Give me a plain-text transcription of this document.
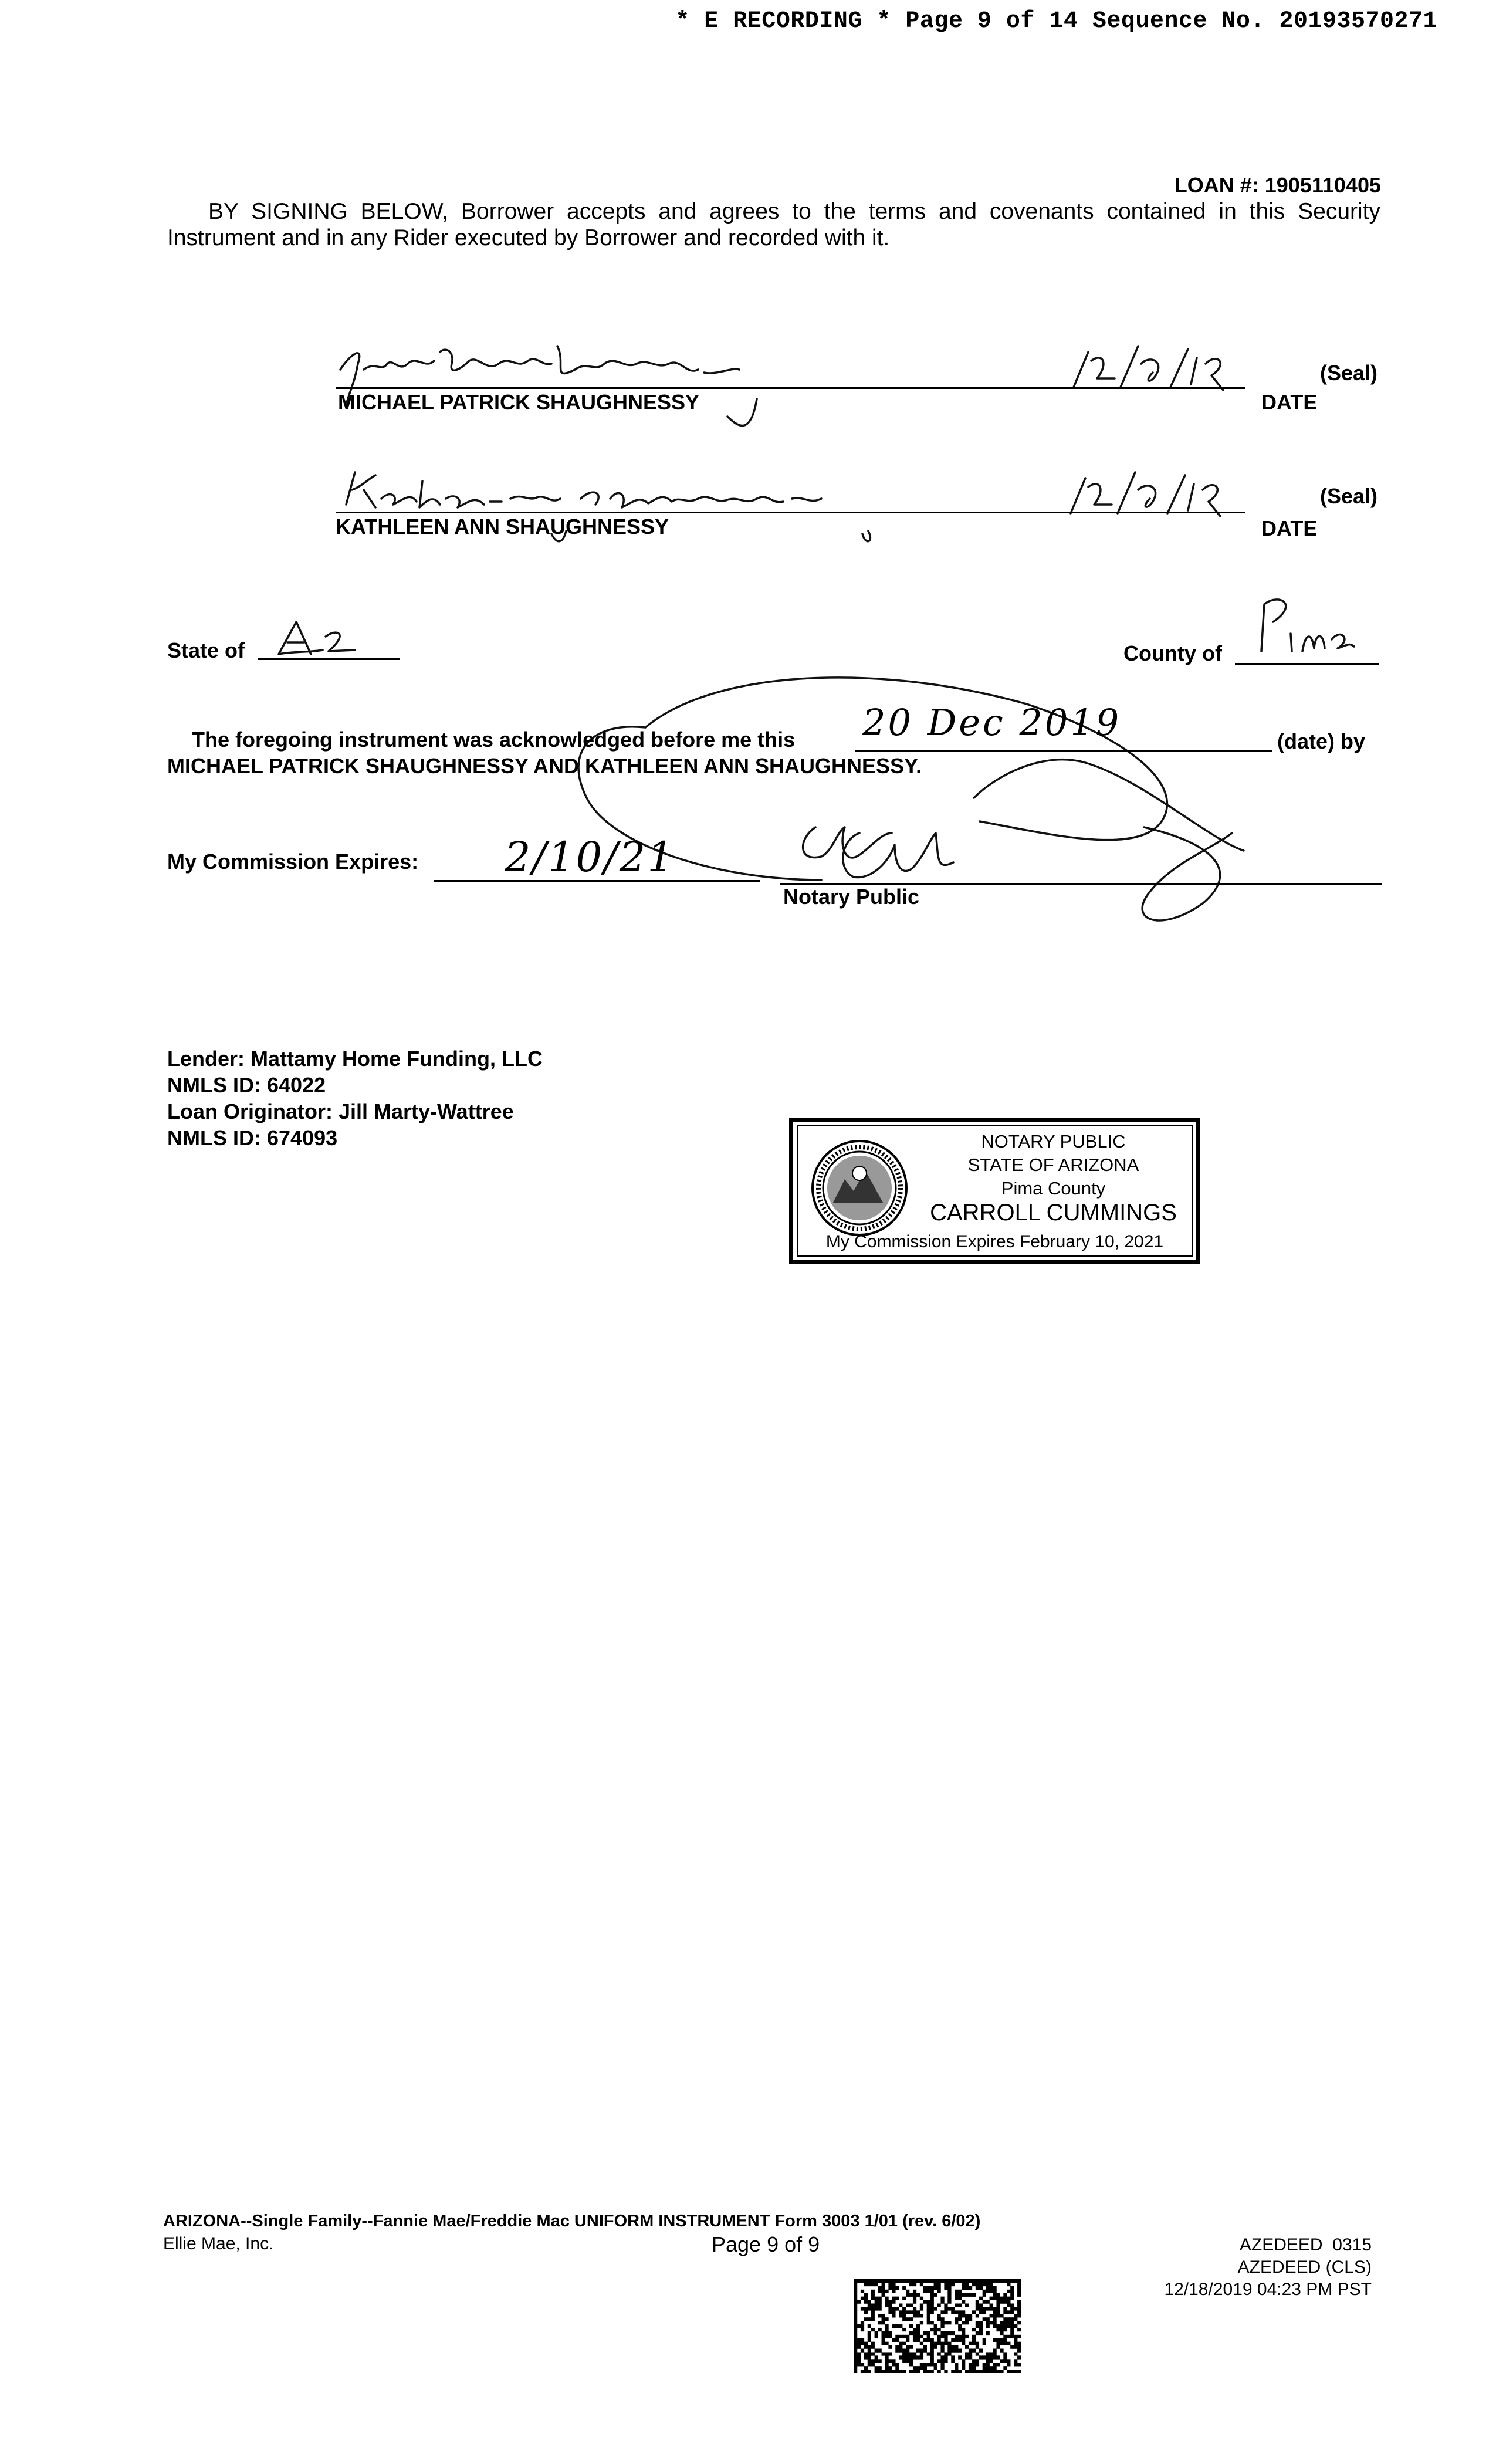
* E RECORDING * Page 9 of 14 Sequence No. 20193570271
LOAN #: 1905110405
BY SIGNING BELOW, Borrower accepts and agrees to the terms and covenants contained in this Security Instrument and in any Rider executed by Borrower and recorded with it.
(Seal)
MICHAEL PATRICK SHAUGHNESSY	DATE
(Seal)
KATHLEEN ANN SHAUGHNESSY	DATE
State of	County of
The foregoing instrument was acknowledged before me this 20 Dec 2019	(date) by
MICHAEL PATRICK SHAUGHNESSY AND KATHLEEN ANN SHAUGHNESSY.
My Commission Expires: 2/10/21
Notary Public
Lender: Mattamy Home Funding, LLC
NMLS ID: 64022
Loan Originator: Jill Marty-Wattree
NMLS ID: 674093	NOTARY PUBLIC
STATE OF ARIZONA
Pima County
CARROLL CUMMINGS
My Commission Expires February 10, 2021
ARIZONA--Single Family--Fannie Mae/Freddie Mac UNIFORM INSTRUMENT Form 3003 1/01 (rev. 6/02)
Ellie Mae, Inc.	Page 9 of 9	AZEDEED  0315
AZEDEED (CLS)
12/18/2019 04:23 PM PST
